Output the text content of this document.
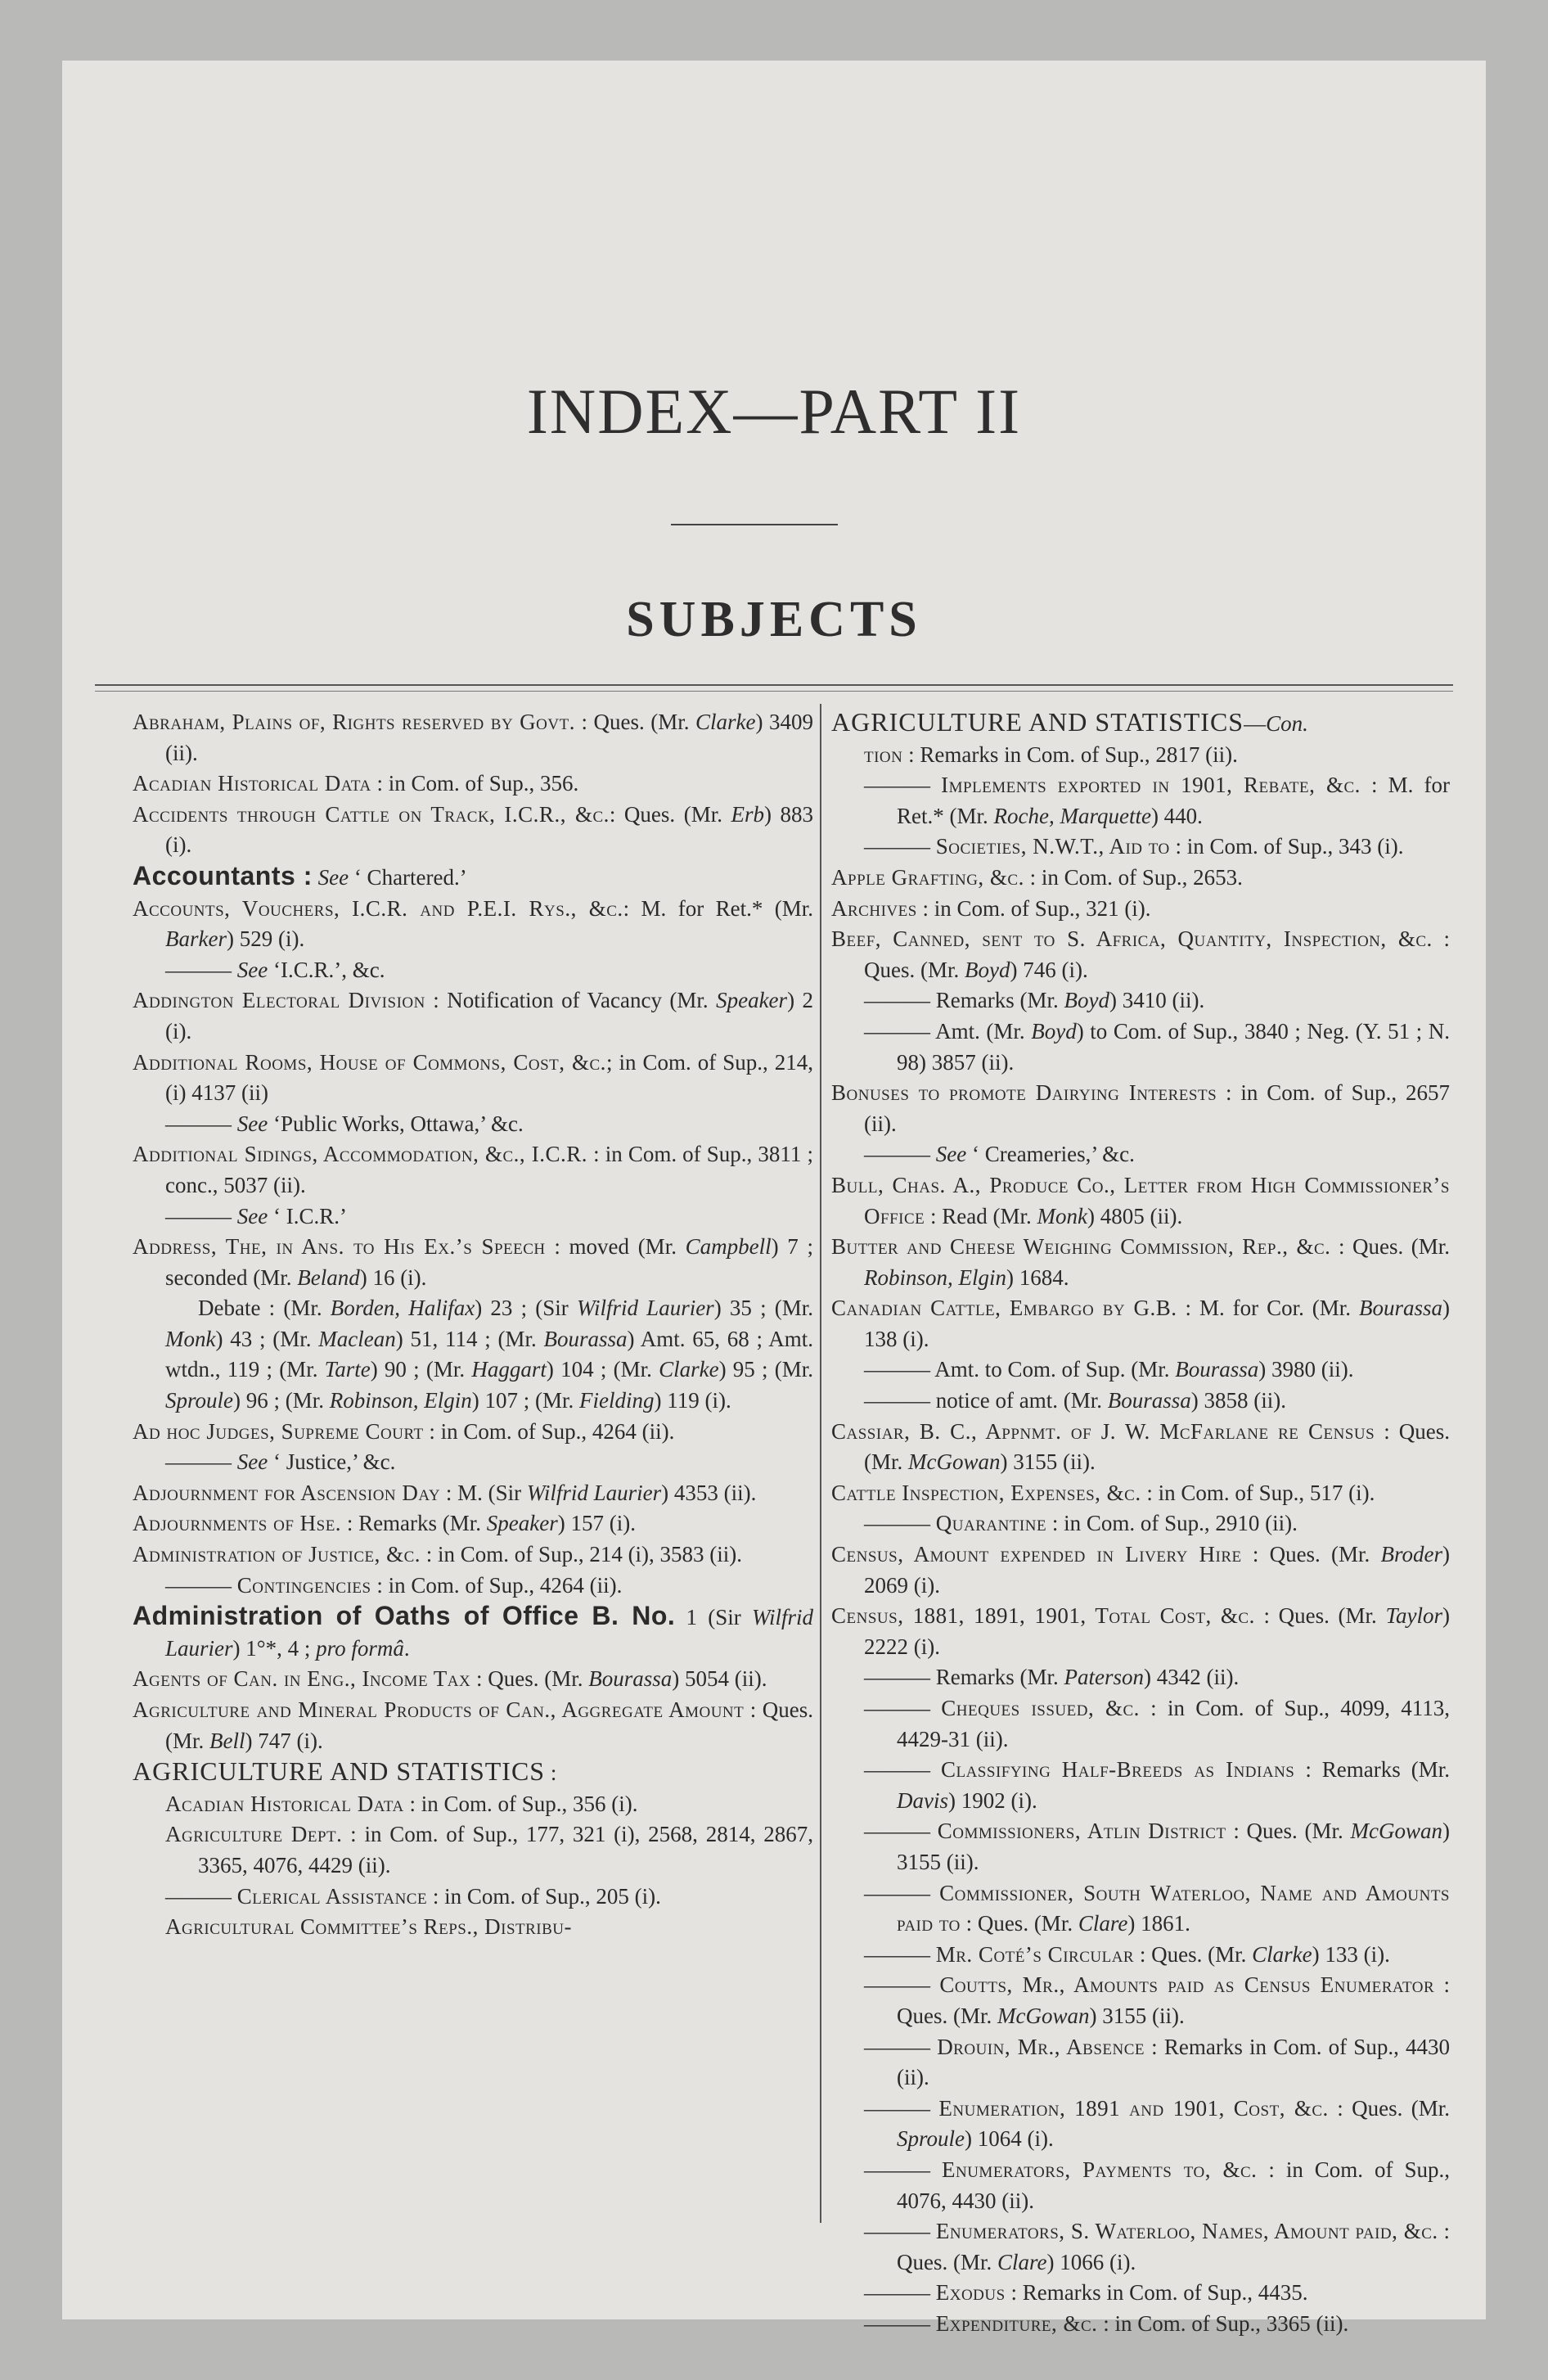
INDEX—PART II
SUBJECTS

Abraham, Plains of, Rights reserved by Govt. : Ques. (Mr. Clarke) 3409 (ii).

Acadian Historical Data : in Com. of Sup., 356.

Accidents through Cattle on Track, I.C.R., &c.: Ques. (Mr. Erb) 883 (i).

Accountants : See ‘ Chartered.’

Accounts, Vouchers, I.C.R. and P.E.I. Rys., &c.: M. for Ret.* (Mr. Barker) 529 (i).

——— See ‘I.C.R.’, &c.

Addington Electoral Division : Notification of Vacancy (Mr. Speaker) 2 (i).

Additional Rooms, House of Commons, Cost, &c.; in Com. of Sup., 214, (i) 4137 (ii)

——— See ‘Public Works, Ottawa,’ &c.

Additional Sidings, Accommodation, &c., I.C.R. : in Com. of Sup., 3811 ; conc., 5037 (ii).

——— See ‘ I.C.R.’

Address, The, in Ans. to His Ex.’s Speech : moved (Mr. Campbell) 7 ; seconded (Mr. Beland) 16 (i).

Debate : (Mr. Borden, Halifax) 23 ; (Sir Wilfrid Laurier) 35 ; (Mr. Monk) 43 ; (Mr. Maclean) 51, 114 ; (Mr. Bourassa) Amt. 65, 68 ; Amt. wtdn., 119 ; (Mr. Tarte) 90 ; (Mr. Haggart) 104 ; (Mr. Clarke) 95 ; (Mr. Sproule) 96 ; (Mr. Robinson, Elgin) 107 ; (Mr. Fielding) 119 (i).

Ad hoc Judges, Supreme Court : in Com. of Sup., 4264 (ii).

——— See ‘ Justice,’ &c.

Adjournment for Ascension Day : M. (Sir Wilfrid Laurier) 4353 (ii).

Adjournments of Hse. : Remarks (Mr. Speaker) 157 (i).

Administration of Justice, &c. : in Com. of Sup., 214 (i), 3583 (ii).

——— Contingencies : in Com. of Sup., 4264 (ii).

Administration of Oaths of Office B. No. 1 (Sir Wilfrid Laurier) 1°*, 4 ; pro formâ.

Agents of Can. in Eng., Income Tax : Ques. (Mr. Bourassa) 5054 (ii).

Agriculture and Mineral Products of Can., Aggregate Amount : Ques. (Mr. Bell) 747 (i).

AGRICULTURE AND STATISTICS :

Acadian Historical Data : in Com. of Sup., 356 (i).

Agriculture Dept. : in Com. of Sup., 177, 321 (i), 2568, 2814, 2867, 3365, 4076, 4429 (ii).

——— Clerical Assistance : in Com. of Sup., 205 (i).

Agricultural Committee’s Reps., Distribu-

AGRICULTURE AND STATISTICS—Con.

tion : Remarks in Com. of Sup., 2817 (ii).

——— Implements exported in 1901, Rebate, &c. : M. for Ret.* (Mr. Roche, Marquette) 440.

——— Societies, N.W.T., Aid to : in Com. of Sup., 343 (i).

Apple Grafting, &c. : in Com. of Sup., 2653.

Archives : in Com. of Sup., 321 (i).

Beef, Canned, sent to S. Africa, Quantity, Inspection, &c. : Ques. (Mr. Boyd) 746 (i).

——— Remarks (Mr. Boyd) 3410 (ii).

——— Amt. (Mr. Boyd) to Com. of Sup., 3840 ; Neg. (Y. 51 ; N. 98) 3857 (ii).

Bonuses to promote Dairying Interests : in Com. of Sup., 2657 (ii).

——— See ‘ Creameries,’ &c.

Bull, Chas. A., Produce Co., Letter from High Commissioner’s Office : Read (Mr. Monk) 4805 (ii).

Butter and Cheese Weighing Commission, Rep., &c. : Ques. (Mr. Robinson, Elgin) 1684.

Canadian Cattle, Embargo by G.B. : M. for Cor. (Mr. Bourassa) 138 (i).

——— Amt. to Com. of Sup. (Mr. Bourassa) 3980 (ii).

——— notice of amt. (Mr. Bourassa) 3858 (ii).

Cassiar, B. C., Appnmt. of J. W. McFarlane re Census : Ques. (Mr. McGowan) 3155 (ii).

Cattle Inspection, Expenses, &c. : in Com. of Sup., 517 (i).

——— Quarantine : in Com. of Sup., 2910 (ii).

Census, Amount expended in Livery Hire : Ques. (Mr. Broder) 2069 (i).

Census, 1881, 1891, 1901, Total Cost, &c. : Ques. (Mr. Taylor) 2222 (i).

——— Remarks (Mr. Paterson) 4342 (ii).

——— Cheques issued, &c. : in Com. of Sup., 4099, 4113, 4429-31 (ii).

——— Classifying Half-Breeds as Indians : Remarks (Mr. Davis) 1902 (i).

——— Commissioners, Atlin District : Ques. (Mr. McGowan) 3155 (ii).

——— Commissioner, South Waterloo, Name and Amounts paid to : Ques. (Mr. Clare) 1861.

——— Mr. Coté’s Circular : Ques. (Mr. Clarke) 133 (i).

——— Coutts, Mr., Amounts paid as Census Enumerator : Ques. (Mr. McGowan) 3155 (ii).

——— Drouin, Mr., Absence : Remarks in Com. of Sup., 4430 (ii).

——— Enumeration, 1891 and 1901, Cost, &c. : Ques. (Mr. Sproule) 1064 (i).

——— Enumerators, Payments to, &c. : in Com. of Sup., 4076, 4430 (ii).

——— Enumerators, S. Waterloo, Names, Amount paid, &c. : Ques. (Mr. Clare) 1066 (i).

——— Exodus : Remarks in Com. of Sup., 4435.

——— Expenditure, &c. : in Com. of Sup., 3365 (ii).
